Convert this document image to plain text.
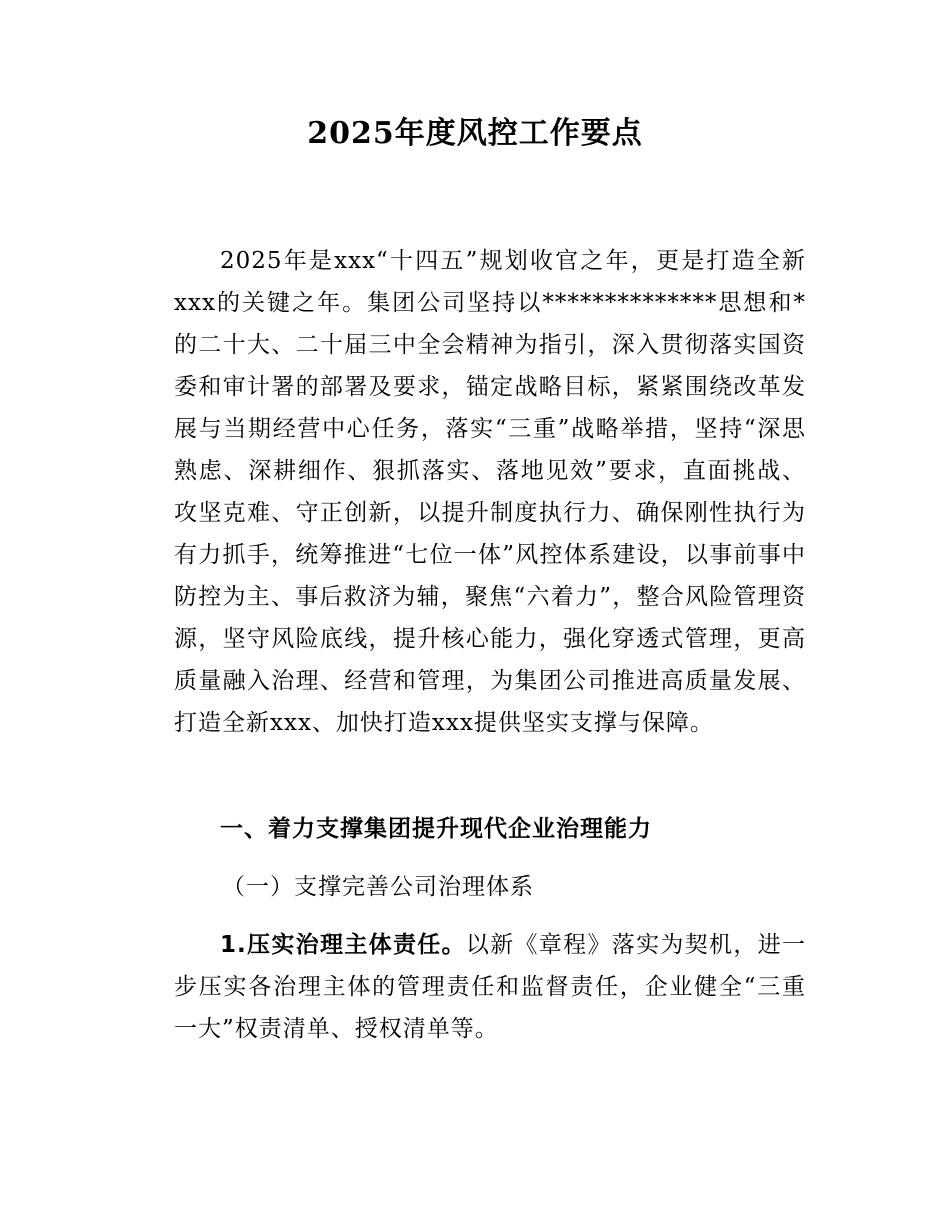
2025年度风控工作要点
2025年是xxx“十四五”规划收官之年，更是打造全新xxx的关键之年。集团公司坚持以**************思想和*的二十大、二十届三中全会精神为指引，深入贯彻落实国资委和审计署的部署及要求，锚定战略目标，紧紧围绕改革发展与当期经营中心任务，落实“三重”战略举措，坚持“深思熟虑、深耕细作、狠抓落实、落地见效”要求，直面挑战、攻坚克难、守正创新，以提升制度执行力、确保刚性执行为有力抓手，统筹推进“七位一体”风控体系建设，以事前事中防控为主、事后救济为辅，聚焦“六着力”，整合风险管理资源，坚守风险底线，提升核心能力，强化穿透式管理，更高质量融入治理、经营和管理，为集团公司推进高质量发展、打造全新xxx、加快打造xxx提供坚实支撑与保障。
一、着力支撑集团提升现代企业治理能力
（一）支撑完善公司治理体系
1.压实治理主体责任。以新《章程》落实为契机，进一步压实各治理主体的管理责任和监督责任，企业健全“三重一大”权责清单、授权清单等。
